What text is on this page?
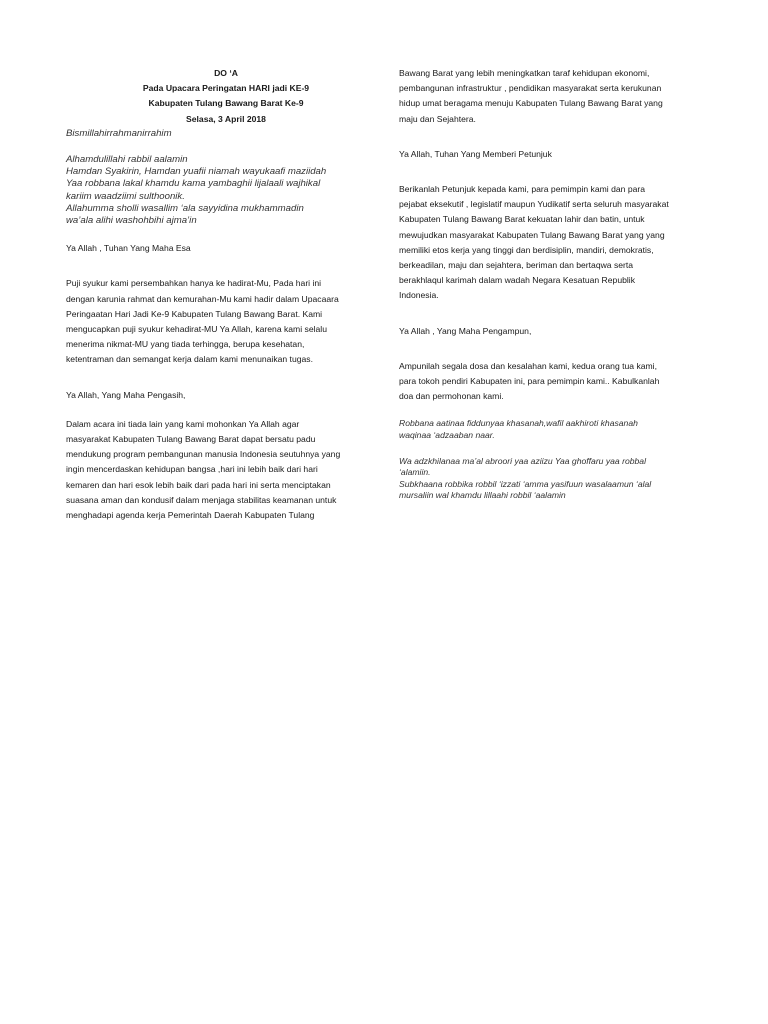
DO ‘A
Pada Upacara Peringatan HARI jadi KE-9
Kabupaten Tulang Bawang Barat Ke-9
Selasa, 3 April 2018
Bismillahirrahmanirrahim
Alhamdulillahi rabbil aalamin
Hamdan Syakirin, Hamdan yuafii niamah wayukaafi maziidah
Yaa robbana lakal khamdu kama yambaghii lijalaali wajhikal
kariim waadziimi sulthoonik.
Allahumma sholli wasallim ‘ala sayyidina mukhammadin
wa’ala alihi washohbihi ajma’in
Ya Allah , Tuhan Yang Maha Esa
Puji syukur kami persembahkan hanya ke hadirat-Mu, Pada hari ini
dengan karunia rahmat dan kemurahan-Mu kami hadir dalam Upacaara
Peringaatan Hari Jadi Ke-9 Kabupaten Tulang Bawang Barat. Kami
mengucapkan puji syukur kehadirat-MU Ya Allah, karena kami selalu
menerima nikmat-MU yang tiada terhingga, berupa kesehatan,
ketentraman dan semangat kerja dalam kami menunaikan tugas.
Ya Allah, Yang Maha Pengasih,
Dalam acara ini tiada lain yang kami mohonkan Ya Allah agar
masyarakat Kabupaten Tulang Bawang Barat dapat bersatu padu
mendukung program pembangunan manusia Indonesia seutuhnya yang
ingin mencerdaskan kehidupan bangsa ,hari ini lebih baik dari hari
kemaren dan hari esok lebih baik dari pada hari ini serta menciptakan
suasana aman dan kondusif dalam menjaga stabilitas keamanan untuk
menghadapi agenda kerja Pemerintah Daerah Kabupaten Tulang
Bawang Barat yang lebih meningkatkan taraf kehidupan ekonomi,
pembangunan infrastruktur , pendidikan masyarakat serta kerukunan
hidup umat beragama menuju Kabupaten Tulang Bawang Barat yang
maju dan Sejahtera.
Ya Allah, Tuhan Yang Memberi Petunjuk
Berikanlah Petunjuk kepada kami, para pemimpin kami dan para
pejabat eksekutif , legislatif maupun Yudikatif serta seluruh masyarakat
Kabupaten Tulang Bawang Barat kekuatan lahir dan batin, untuk
mewujudkan masyarakat Kabupaten Tulang Bawang Barat yang yang
memiliki etos kerja yang tinggi dan berdisiplin, mandiri, demokratis,
berkeadilan, maju dan sejahtera, beriman dan bertaqwa serta
berakhlaqul karimah dalam wadah Negara Kesatuan Republik
Indonesia.
Ya Allah , Yang Maha Pengampun,
Ampunilah segala dosa dan kesalahan kami, kedua orang tua kami,
para tokoh pendiri Kabupaten ini, para pemimpin kami.. Kabulkanlah
doa dan permohonan kami.
Robbana aatinaa fiddunyaa khasanah,wafil aakhiroti khasanah
waqinaa ‘adzaaban naar.
Wa adzkhilanaa ma’al abroori yaa aziizu Yaa ghoffaru yaa robbal
‘alamiin.
Subkhaana robbika robbil ‘izzati ‘amma yasifuun wasalaamun ‘alal
mursaliin wal khamdu lillaahi robbil ‘aalamin
